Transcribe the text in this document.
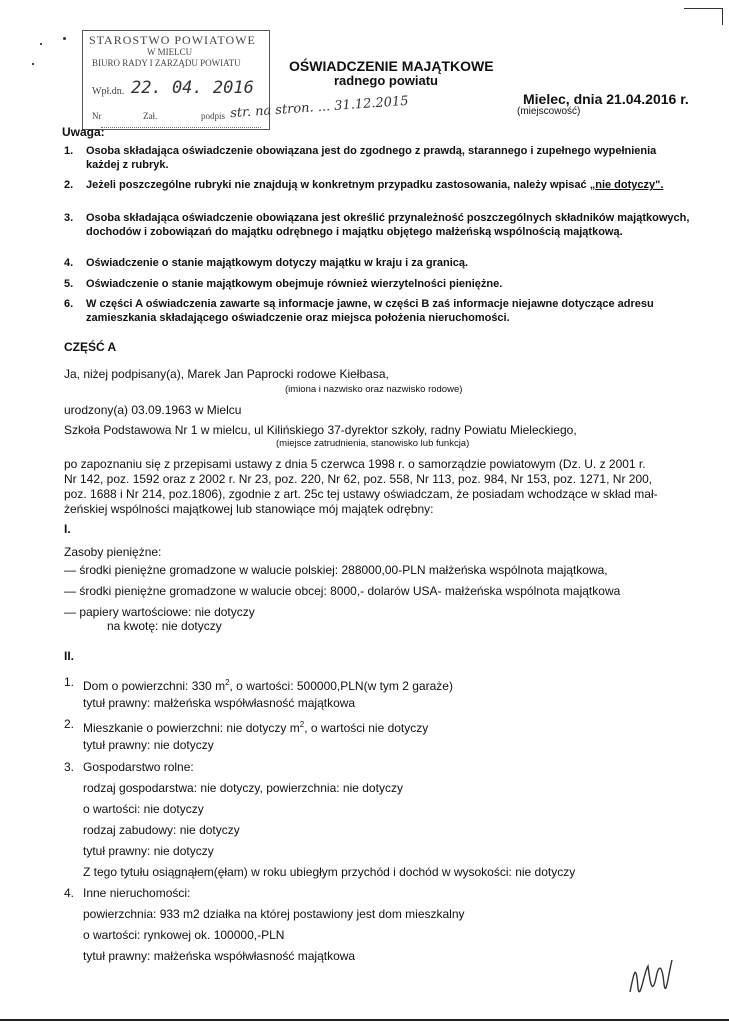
STAROSTWO POWIATOWE
W MIELCU
BIURO RADY I ZARZĄDU POWIATU
Wpł.dn. 22. 04. 2016
Nr	Zał.	podpis str. na stron. ... 31.12.2015
OŚWIADCZENIE MAJĄTKOWE
radnego powiatu
Mielec, dnia 21.04.2016 r.
(miejscowość)
Uwaga:
1. Osoba składająca oświadczenie obowiązana jest do zgodnego z prawdą, starannego i zupełnego wypełnienia każdej z rubryk.
2. Jeżeli poszczególne rubryki nie znajdują w konkretnym przypadku zastosowania, należy wpisać „nie dotyczy".
3. Osoba składająca oświadczenie obowiązana jest określić przynależność poszczególnych składników majątkowych, dochodów i zobowiązań do majątku odrębnego i majątku objętego małżeńską wspólnością majątkową.
4. Oświadczenie o stanie majątkowym dotyczy majątku w kraju i za granicą.
5. Oświadczenie o stanie majątkowym obejmuje również wierzytelności pieniężne.
6. W części A oświadczenia zawarte są informacje jawne, w części B zaś informacje niejawne dotyczące adresu zamieszkania składającego oświadczenie oraz miejsca położenia nieruchomości.
CZĘŚĆ A
Ja, niżej podpisany(a), Marek Jan Paprocki rodowe Kiełbasa,
(imiona i nazwisko oraz nazwisko rodowe)
urodzony(a) 03.09.1963 w Mielcu
Szkoła Podstawowa Nr 1 w mielcu, ul Kilińskiego 37-dyrektor szkoły, radny Powiatu Mieleckiego,
(miejsce zatrudnienia, stanowisko lub funkcja)
po zapoznaniu się z przepisami ustawy z dnia 5 czerwca 1998 r. o samorządzie powiatowym (Dz. U. z 2001 r.
Nr 142, poz. 1592 oraz z 2002 r. Nr 23, poz. 220, Nr 62, poz. 558, Nr 113, poz. 984, Nr 153, poz. 1271, Nr 200,
poz. 1688 i Nr 214, poz.1806), zgodnie z art. 25c tej ustawy oświadczam, że posiadam wchodzące w skład mał-
żeńskiej wspólności majątkowej lub stanowiące mój majątek odrębny:
I.
Zasoby pieniężne:
— środki pieniężne gromadzone w walucie polskiej: 288000,00-PLN małżeńska wspólnota majątkowa,
— środki pieniężne gromadzone w walucie obcej: 8000,- dolarów USA- małżeńska wspólnota majątkowa
— papiery wartościowe: nie dotyczy
na kwotę: nie dotyczy
II.
1. Dom o powierzchni: 330 $m^2$, o wartości: 500000,PLN(w tym 2 garaże)
tytuł prawny: małżeńska współwłasność majątkowa
2. Mieszkanie o powierzchni: nie dotyczy $m^2$, o wartości nie dotyczy
tytuł prawny: nie dotyczy
3. Gospodarstwo rolne:
rodzaj gospodarstwa: nie dotyczy, powierzchnia: nie dotyczy
o wartości: nie dotyczy
rodzaj zabudowy: nie dotyczy
tytuł prawny: nie dotyczy
Z tego tytułu osiągnąłem(ęłam) w roku ubiegłym przychód i dochód w wysokości: nie dotyczy
4. Inne nieruchomości:
powierzchnia: 933 m2 działka na której postawiony jest dom mieszkalny
o wartości: rynkowej ok. 100000,-PLN
tytuł prawny: małżeńska współwłasność majątkowa
